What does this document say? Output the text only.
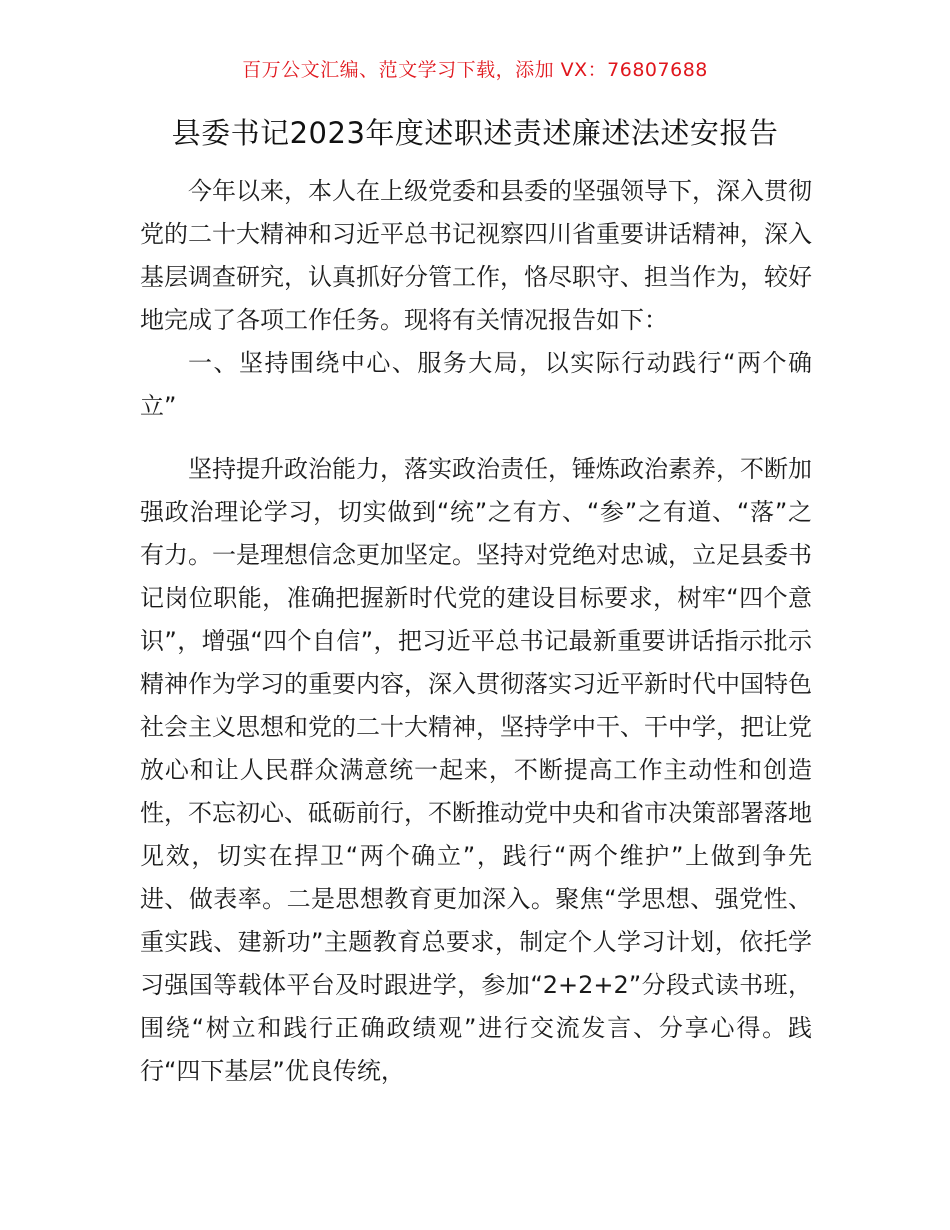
百万公文汇编、范文学习下载，添加 VX：76807688
县委书记2023年度述职述责述廉述法述安报告

今年以来，本人在上级党委和县委的坚强领导下，深入贯彻党的二十大精神和习近平总书记视察四川省重要讲话精神，深入基层调查研究，认真抓好分管工作，恪尽职守、担当作为，较好地完成了各项工作任务。现将有关情况报告如下：

一、坚持围绕中心、服务大局，以实际行动践行“两个确立”

坚持提升政治能力，落实政治责任，锤炼政治素养，不断加强政治理论学习，切实做到“统”之有方、“参”之有道、“落”之有力。一是理想信念更加坚定。坚持对党绝对忠诚，立足县委书记岗位职能，准确把握新时代党的建设目标要求，树牢“四个意识”，增强“四个自信”，把习近平总书记最新重要讲话指示批示精神作为学习的重要内容，深入贯彻落实习近平新时代中国特色社会主义思想和党的二十大精神，坚持学中干、干中学，把让党放心和让人民群众满意统一起来，不断提高工作主动性和创造性，不忘初心、砥砺前行，不断推动党中央和省市决策部署落地见效，切实在捍卫“两个确立”，践行“两个维护”上做到争先进、做表率。二是思想教育更加深入。聚焦“学思想、强党性、重实践、建新功”主题教育总要求，制定个人学习计划，依托学习强国等载体平台及时跟进学，参加“2+2+2”分段式读书班，围绕“树立和践行正确政绩观”进行交流发言、分享心得。践行“四下基层”优良传统，
